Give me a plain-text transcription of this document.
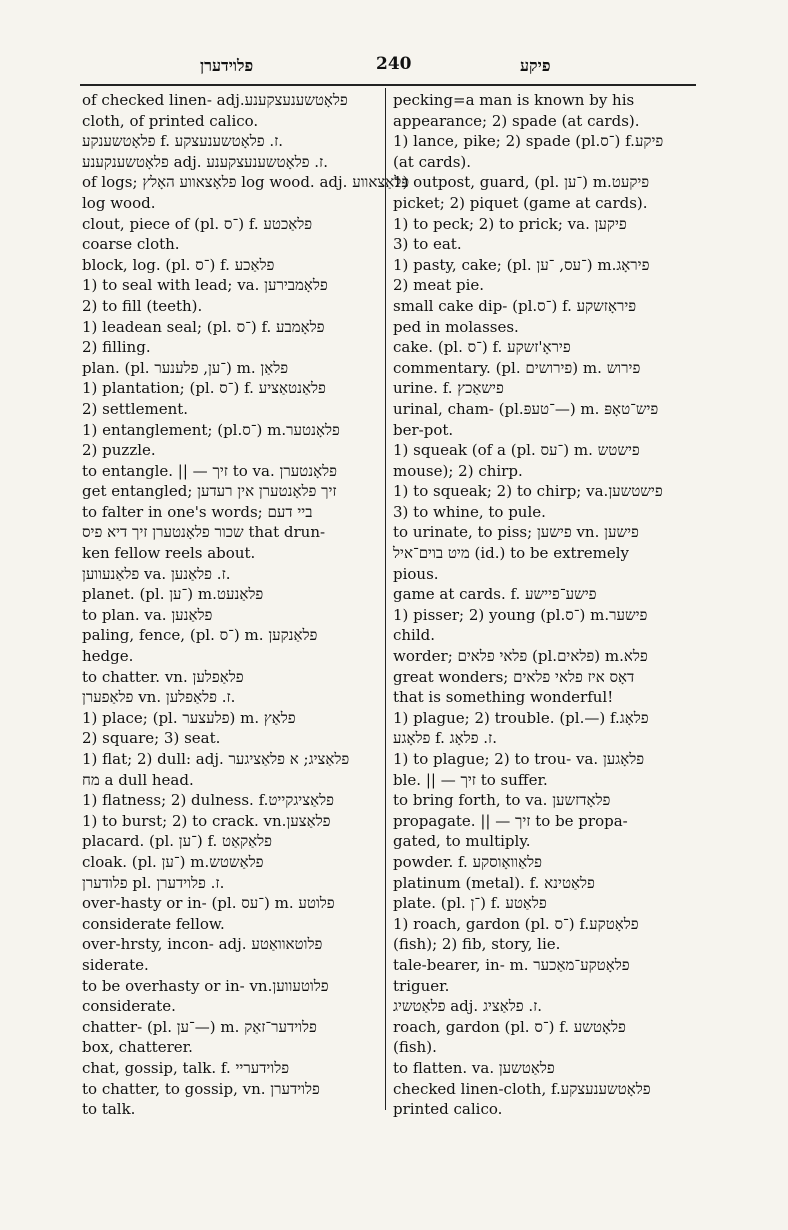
פלוידערן	240	פיקע
of checked linen- adj.פלאָטשענעצקענע
cloth, of printed calico.
פלאָטשענקע f. ז. פלאָטשענעצקע.
פלאָטשענקענע adj. ז. פלאָטשענעצקענע.
of logs; פלאָצאווע האָלץ log wood. adj. פלאַצאווע
log wood.
clout, piece of (pl. ־ס) f. פלאַכטע
coarse cloth.
block, log. (pl. ־ס) f. פלאַכע
1) to seal with lead; va. פלאָמבירען
2) to fill (teeth).
1) leadean seal; (pl. ־ס) f. פלאָמבע
2) filling.
plan. (pl. ־ען, פלענער) m. פלאַן
1) plantation; (pl. ־ס) f. פלאַנטאַציע
2) settlement.
1) entanglement; (pl.־ס) m.פלאָנטער
2) puzzle.
to entangle. || — זיך to va. פלאָנטערן
get entangled; זיך פלאָנטערן אין רעדען
to falter in one's words; ביי דעם
שכור פלאָנטערן זיך דיא פיס that drun-
ken fellow reels about.
פלאַנעווען va. ז. פלאַנען.
planet. (pl. ־ען) m.פלאַנעט
to plan. va. פלאַנען
paling, fence, (pl. ־ס) m. פלאַנקען
hedge.
to chatter. vn. פלאַפלען
פלאַפערן vn. ז. פלאַפלען.
1) place; (pl. פלעצער) m. פלאַץ
2) square; 3) seat.
1) flat; 2) dull: adj. פלאַציג; א פלאַציגער
מח a dull head.
1) flatness; 2) dulness. f.פלאַציגקייט
1) to burst; 2) to crack. vn.פלאַצען
placard. (pl. ־ען) f. פלאַקאַט
cloak. (pl. ־ען) m.פלאַשטש
פלודערן pl. ז. פלוידערן.
over-hasty or in- (pl. ־עס) m. פלוטע
considerate fellow.
over-hrsty, incon- adj. פלוטאוואַטע
siderate.
to be overhasty or in- vn.פלוטעווען
considerate.
chatter- (pl. ־ען—) m. פלוידער־זאַק
box, chatterer.
chat, gossip, talk. f. פלוידעריי
to chatter, to gossip, vn. פלוידערן
to talk.
pecking=a man is known by his
appearance; 2) spade (at cards).
1) lance, pike; 2) spade (pl.־ס) f.פיקע
(at cards).
1) outpost, guard, (pl. ־ען) m.פיקעט
picket; 2) piquet (game at cards).
1) to peck; 2) to prick; va. פיקען
3) to eat.
1) pasty, cake; (pl. ־עס, ־ען) m.פיראָג
2) meat pie.
small cake dip- (pl.־ס) f. פיראָזשקע
ped in molasses.
cake. (pl. ־ס) f. פיראָ'זשקע
commentary. (pl. פירושים) m. פירוש
urine. f. פישאַכץ
urinal, cham- (pl.־טעפּ—) m. פיש־טאָפּ
ber-pot.
1) squeak (of a (pl. ־עס) m. פישטש
mouse); 2) chirp.
1) to squeak; 2) to chirp; va.פישטשען
3) to whine, to pule.
to urinate, to piss; פישען vn. פישען
מיט בוים־איל (id.) to be extremely
pious.
game at cards. f. פישע־פיישע
1) pisser; 2) young (pl.־ס) m.פישער
child.
worder; פלאי פלאים (pl.פלאים) m.פלא
great wonders; דאָס איז פלאי פלאים
that is something wonderful!
1) plague; 2) trouble. (pl.—) f.פלאָג
פלאָגע f. ז. פלאָג.
1) to plague; 2) to trou- va. פלאָגען
ble. || — זיך to suffer.
to bring forth, to va. פלאָדזשען
propagate. || — זיך to be propa-
gated, to multiply.
powder. f. פלאַוואָוסקע
platinum (metal). f. פלאַטינא
plate. (pl. ־ן) f. פלאַטע
1) roach, gardon (pl. ־ס) f.פלאָטקע
(fish); 2) fib, story, lie.
tale-bearer, in- m. פלאָטקע־מאַכער
triguer.
פלאַטשיג adj. ז. פלאַציג.
roach, gardon (pl. ־ס) f. פלאָטשע
(fish).
to flatten. va. פלאַטשען
checked linen-cloth, f.פלאָטשענעצקע
printed calico.
